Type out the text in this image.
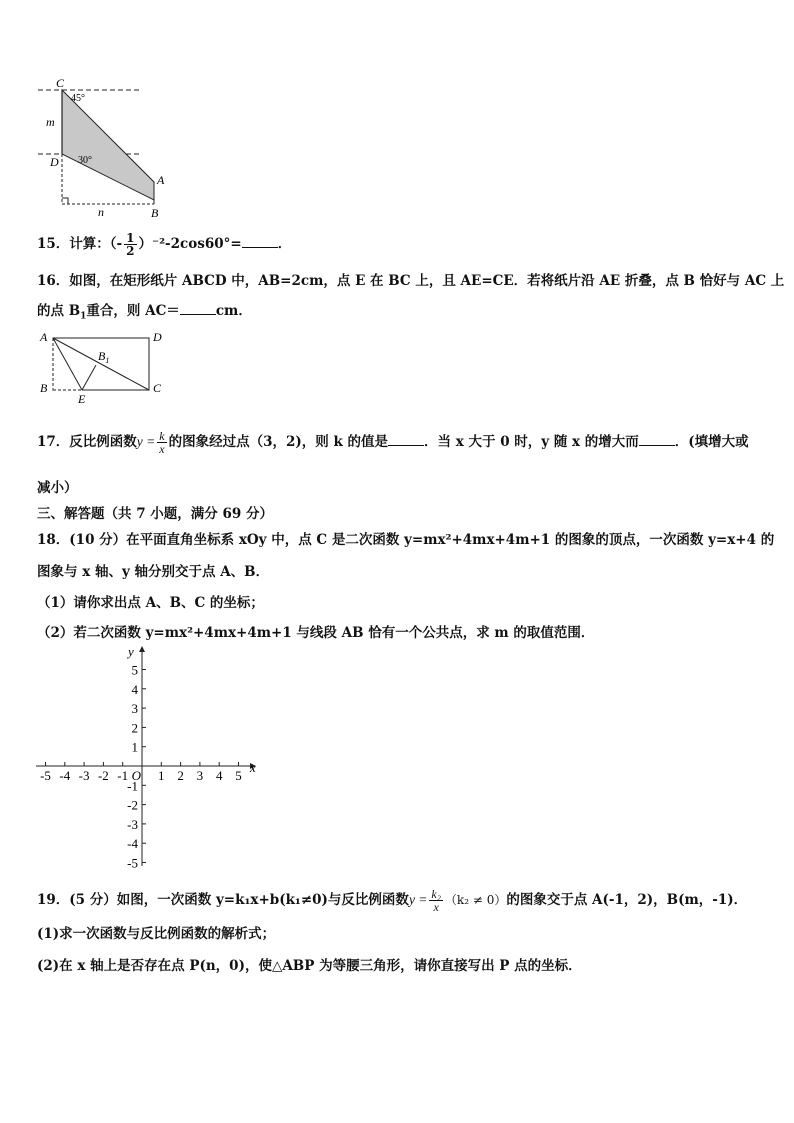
C
45°
m
D 30°
A
B
n
15．计算：（- $\frac{1}{2} )^{-2}-2\cos 60^\circ=$	．
16．如图，在矩形纸片 ABCD 中，AB=2cm，点 E 在 BC 上，且 AE=CE．若将纸片沿 AE 折叠，点 B 恰好与 AC 上
的点 $B_1$重合，则 AC＝	cm．
A	D
B	C
E
$B_1$
17．反比例函数$y = \frac{k}{x}$ 的图象经过点（3，2)，则 k 的值是	．当 x 大于 0 时，y 随 x 的增大而	．(填增大或
减小）
三、解答题（共 7 小题，满分 69 分）
18．(10 分）在平面直角坐标系 xOy 中，点 C 是二次函数 y=mx²+4mx+4m+1 的图象的顶点，一次函数 y=x+4 的
图象与 x 轴、y 轴分别交于点 A、B．
（1）请你求出点 A、B、C 的坐标；
（2）若二次函数 y=mx²+4mx+4m+1 与线段 AB 恰有一个公共点，求 m 的取值范围．
-5 -4 -3 -2 -1 1 2 3 4 5
5
4
3
2
1
-1
-2
-3
-4
-5
O
x
y
19．(5 分）如图，一次函数 y=k₁x+b(k₁≠0)与反比例函数$y = \frac{\text{k₂}}{x} (k_2 \ne 0)$的图象交于点 A(-1，2)，B(m，-1)．
(1)求一次函数与反比例函数的解析式；
(2)在 x 轴上是否存在点 P(n，0)，使△ABP 为等腰三角形，请你直接写出 P 点的坐标．
